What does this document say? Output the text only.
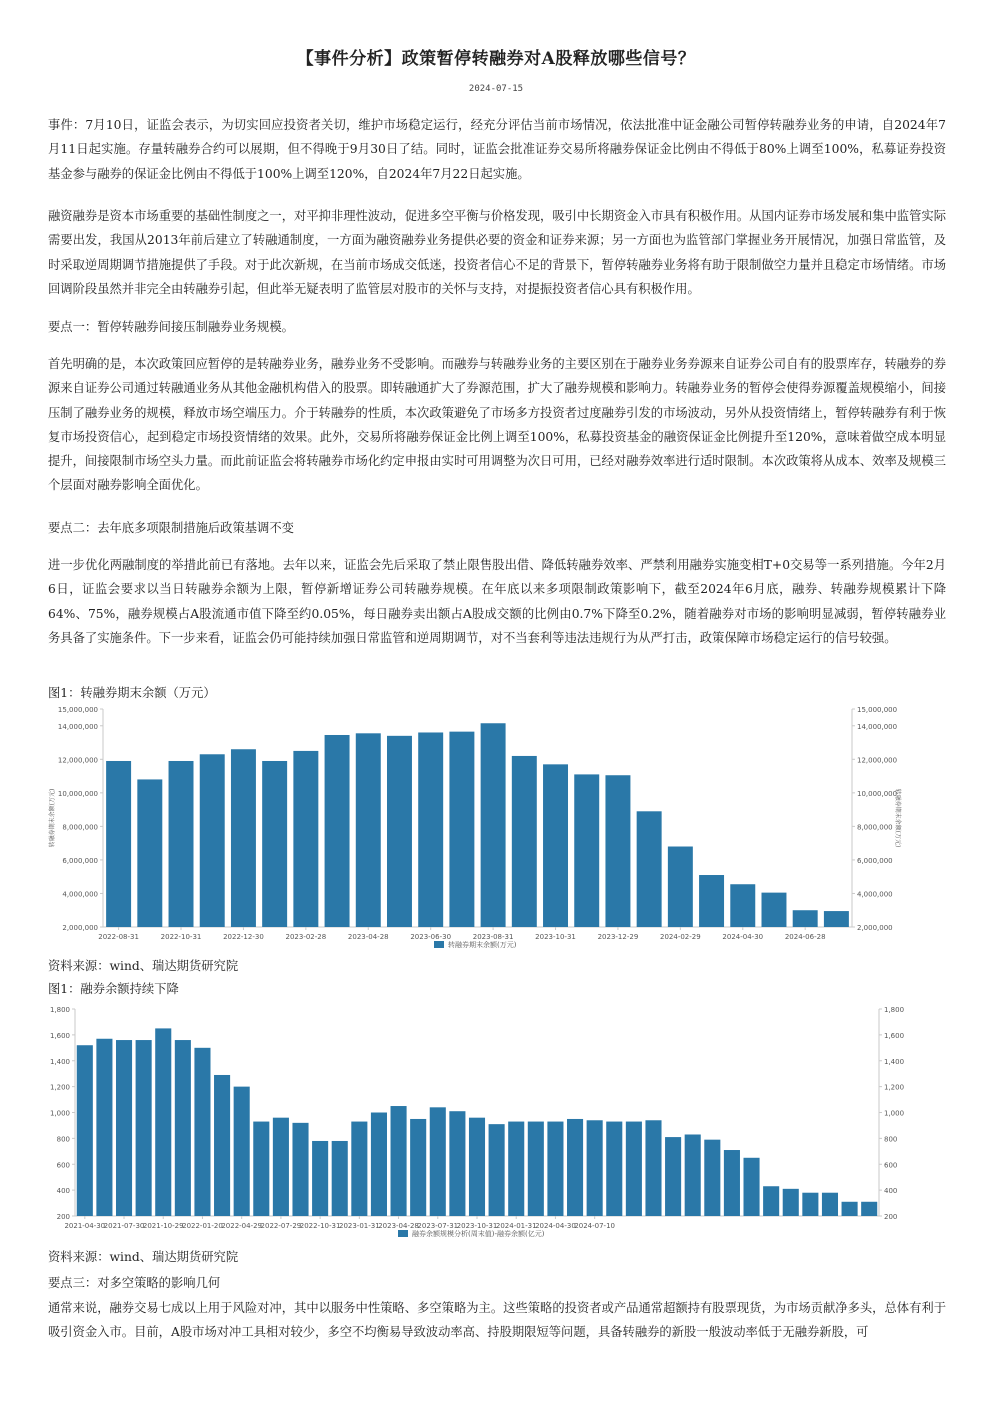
【事件分析】政策暂停转融券对A股释放哪些信号？
2024-07-15

事件：7月10日，证监会表示，为切实回应投资者关切，维护市场稳定运行，经充分评估当前市场情况，依法批准中证金融公司暂停转融券业务的申请，自2024年7月11日起实施。存量转融券合约可以展期，但不得晚于9月30日了结。同时，证监会批准证券交易所将融券保证金比例由不得低于80%上调至100%，私募证券投资基金参与融券的保证金比例由不得低于100%上调至120%，自2024年7月22日起实施。

融资融券是资本市场重要的基础性制度之一，对平抑非理性波动，促进多空平衡与价格发现，吸引中长期资金入市具有积极作用。从国内证券市场发展和集中监管实际需要出发，我国从2013年前后建立了转融通制度，一方面为融资融券业务提供必要的资金和证券来源；另一方面也为监管部门掌握业务开展情况，加强日常监管，及时采取逆周期调节措施提供了手段。对于此次新规，在当前市场成交低迷，投资者信心不足的背景下，暂停转融券业务将有助于限制做空力量并且稳定市场情绪。市场回调阶段虽然并非完全由转融券引起，但此举无疑表明了监管层对股市的关怀与支持，对提振投资者信心具有积极作用。

要点一：暂停转融券间接压制融券业务规模。

首先明确的是，本次政策回应暂停的是转融券业务，融券业务不受影响。而融券与转融券业务的主要区别在于融券业务券源来自证券公司自有的股票库存，转融券的券源来自证券公司通过转融通业务从其他金融机构借入的股票。即转融通扩大了券源范围，扩大了融券规模和影响力。转融券业务的暂停会使得券源覆盖规模缩小，间接压制了融券业务的规模，释放市场空端压力。介于转融券的性质，本次政策避免了市场多方投资者过度融券引发的市场波动，另外从投资情绪上，暂停转融券有利于恢复市场投资信心，起到稳定市场投资情绪的效果。此外，交易所将融券保证金比例上调至100%，私募投资基金的融资保证金比例提升至120%，意味着做空成本明显提升，间接限制市场空头力量。而此前证监会将转融券市场化约定申报由实时可用调整为次日可用，已经对融券效率进行适时限制。本次政策将从成本、效率及规模三个层面对融券影响全面优化。

要点二：去年底多项限制措施后政策基调不变

进一步优化两融制度的举措此前已有落地。去年以来，证监会先后采取了禁止限售股出借、降低转融券效率、严禁利用融券实施变相T+0交易等一系列措施。今年2月6日，证监会要求以当日转融券余额为上限，暂停新增证券公司转融券规模。在年底以来多项限制政策影响下，截至2024年6月底，融券、转融券规模累计下降64%、75%，融券规模占A股流通市值下降至约0.05%，每日融券卖出额占A股成交额的比例由0.7%下降至0.2%，随着融券对市场的影响明显减弱，暂停转融券业务具备了实施条件。下一步来看，证监会仍可能持续加强日常监管和逆周期调节，对不当套利等违法违规行为从严打击，政策保障市场稳定运行的信号较强。

图1：转融券期末余额（万元）
2,000,000	2,000,000
4,000,000	4,000,000
6,000,000	6,000,000
8,000,000	8,000,000
10,000,000	10,000,000
12,000,000	12,000,000
14,000,000	14,000,000
15,000,000	15,000,000
2022-08-31	2022-10-31	2022-12-30	2023-02-28	2023-04-28	2023-06-30	2023-08-31	2023-10-31	2023-12-29	2024-02-29	2024-04-30	2024-06-28
转融券期末余额(万元)	转融券期末余额(万元)
转融券期末余额(万元)
资料来源：wind、瑞达期货研究院
图1：融券余额持续下降
200	200
400	400
600	600
800	800
1,000	1,000
1,200	1,200
1,400	1,400
1,600	1,600
1,800	1,800
2021-04-30
2021-07-30
2021-10-29
2022-01-20
2022-04-29
2022-07-29
2022-10-31
2023-01-31
2023-04-28
2023-07-31
2023-10-31
2024-01-31
2024-04-30
2024-07-10
融券余额规模分析(周末值)-融券余额(亿元)
资料来源：wind、瑞达期货研究院

要点三：对多空策略的影响几何

通常来说，融券交易七成以上用于风险对冲，其中以服务中性策略、多空策略为主。这些策略的投资者或产品通常超额持有股票现货，为市场贡献净多头，总体有利于吸引资金入市。目前，A股市场对冲工具相对较少，多空不均衡易导致波动率高、持股期限短等问题，具备转融券的新股一般波动率低于无融券新股，可
